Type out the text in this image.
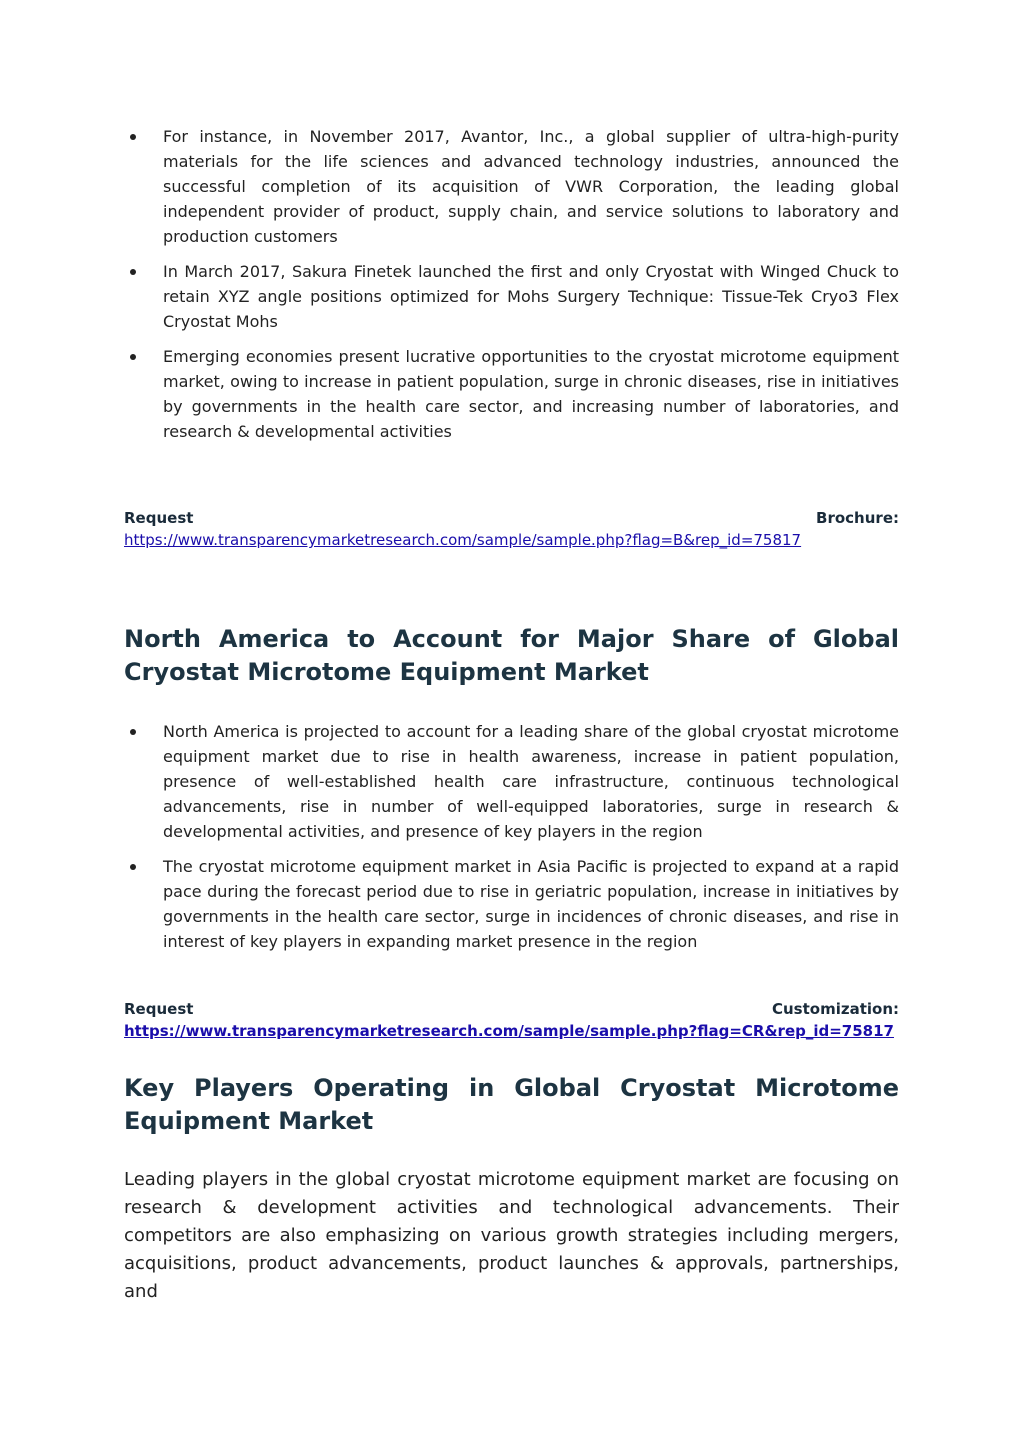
For instance, in November 2017, Avantor, Inc., a global supplier of ultra-high-purity materials for the life sciences and advanced technology industries, announced the successful completion of its acquisition of VWR Corporation, the leading global independent provider of product, supply chain, and service solutions to laboratory and production customers
In March 2017, Sakura Finetek launched the first and only Cryostat with Winged Chuck to retain XYZ angle positions optimized for Mohs Surgery Technique: Tissue-Tek Cryo3 Flex Cryostat Mohs
Emerging economies present lucrative opportunities to the cryostat microtome equipment market, owing to increase in patient population, surge in chronic diseases, rise in initiatives by governments in the health care sector, and increasing number of laboratories, and research & developmental activities
Request	Brochure:
https://www.transparencymarketresearch.com/sample/sample.php?flag=B&rep_id=75817
North America to Account for Major Share of Global Cryostat Microtome Equipment Market
North America is projected to account for a leading share of the global cryostat microtome equipment market due to rise in health awareness, increase in patient population, presence of well-established health care infrastructure, continuous technological advancements, rise in number of well-equipped laboratories, surge in research & developmental activities, and presence of key players in the region
The cryostat microtome equipment market in Asia Pacific is projected to expand at a rapid pace during the forecast period due to rise in geriatric population, increase in initiatives by governments in the health care sector, surge in incidences of chronic diseases, and rise in interest of key players in expanding market presence in the region
Request	Customization:
https://www.transparencymarketresearch.com/sample/sample.php?flag=CR&rep_id=75817
Key Players Operating in Global Cryostat Microtome Equipment Market

Leading players in the global cryostat microtome equipment market are focusing on research & development activities and technological advancements. Their competitors are also emphasizing on various growth strategies including mergers, acquisitions, product advancements, product launches & approvals, partnerships, and
